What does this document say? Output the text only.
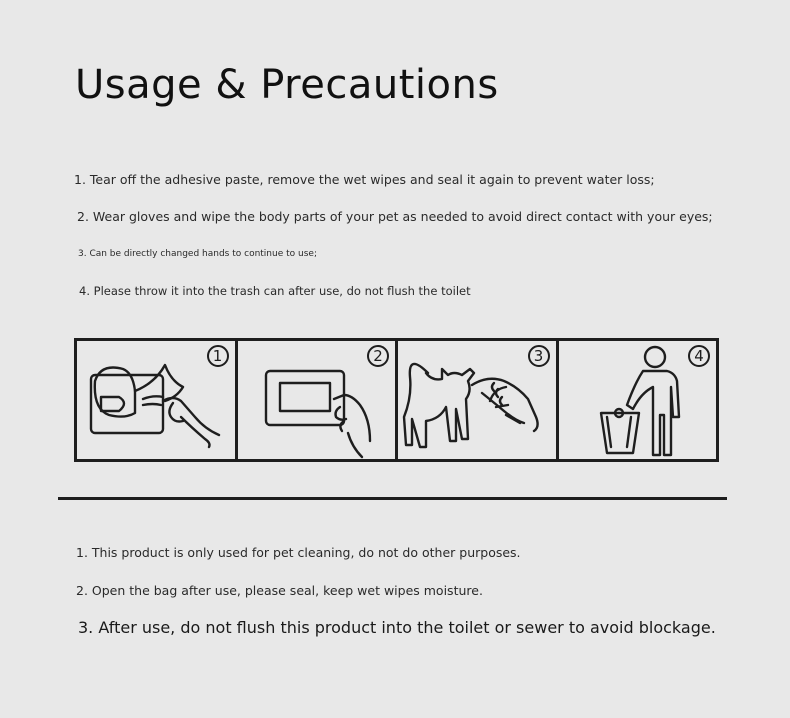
Usage & Precautions
1. Tear off the adhesive paste, remove the wet wipes and seal it again to prevent water loss;
2. Wear gloves and wipe the body parts of your pet as needed to avoid direct contact with your eyes;
3. Can be directly changed hands to continue to use;
4. Please throw it into the trash can after use, do not flush the toilet
1	2	3	4
1. This product is only used for pet cleaning, do not do other purposes.
2. Open the bag after use, please seal, keep wet wipes moisture.
3. After use, do not flush this product into the toilet or sewer to avoid blockage.
